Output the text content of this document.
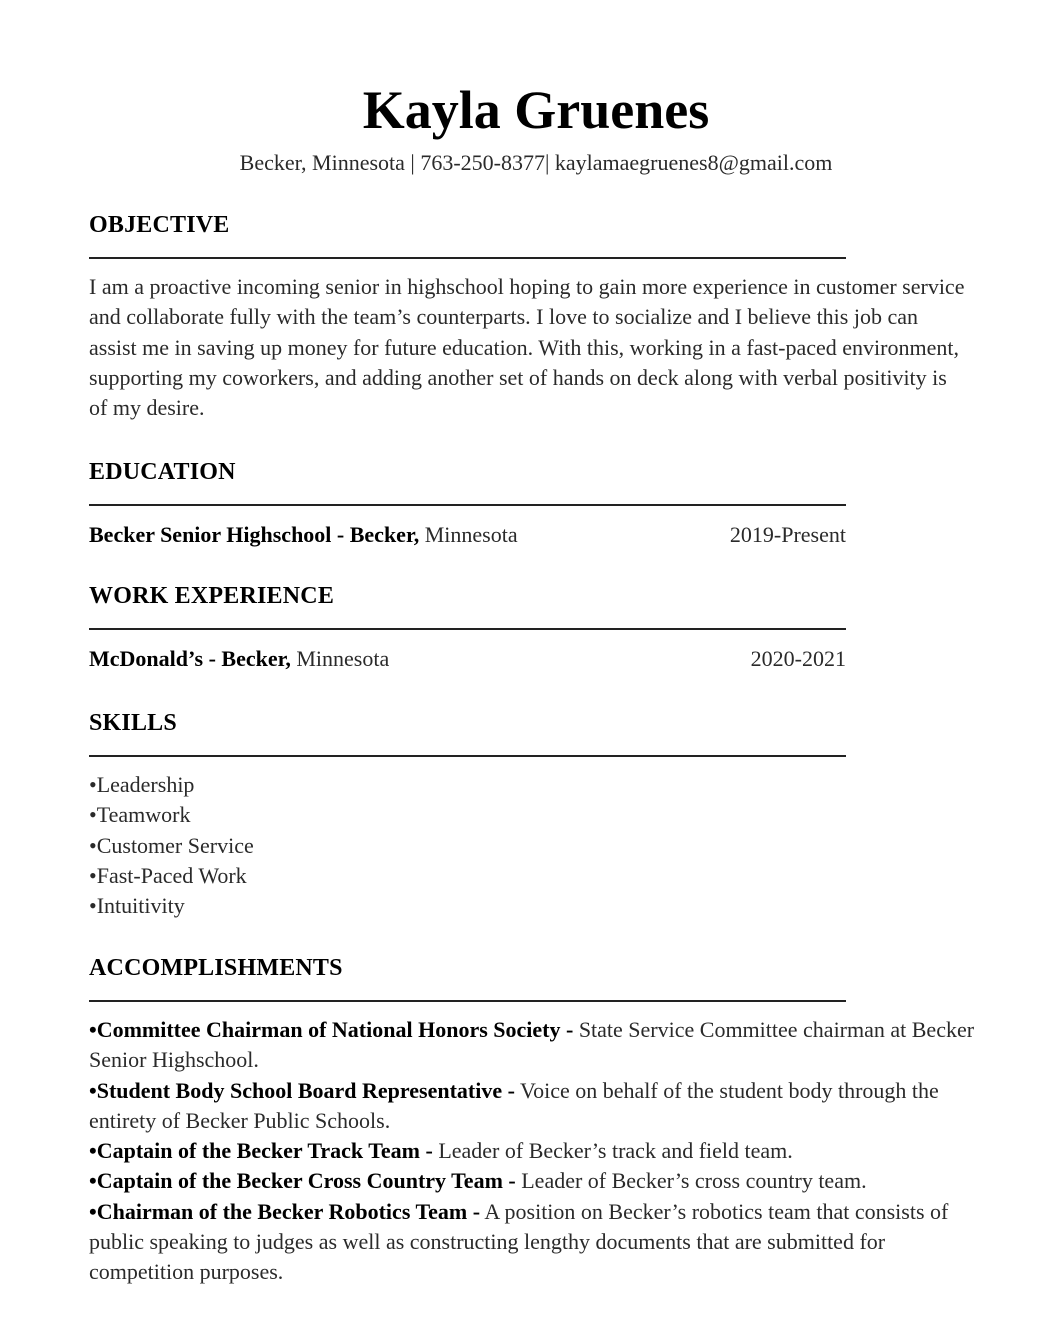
Kayla Gruenes
Becker, Minnesota | 763-250-8377| kaylamaegruenes8@gmail.com
OBJECTIVE
I am a proactive incoming senior in highschool hoping to gain more experience in customer service and collaborate fully with the team’s counterparts. I love to socialize and I believe this job can assist me in saving up money for future education. With this, working in a fast-paced environment, supporting my coworkers, and adding another set of hands on deck along with verbal positivity is of my desire.
EDUCATION
Becker Senior Highschool - Becker, Minnesota	2019-Present
WORK EXPERIENCE
McDonald’s - Becker, Minnesota	2020-2021
SKILLS
•Leadership
•Teamwork
•Customer Service
•Fast-Paced Work
•Intuitivity
ACCOMPLISHMENTS
•Committee Chairman of National Honors Society - State Service Committee chairman at Becker Senior Highschool.
•Student Body School Board Representative - Voice on behalf of the student body through the entirety of Becker Public Schools.
•Captain of the Becker Track Team - Leader of Becker’s track and field team.
•Captain of the Becker Cross Country Team - Leader of Becker’s cross country team.
•Chairman of the Becker Robotics Team - A position on Becker’s robotics team that consists of public speaking to judges as well as constructing lengthy documents that are submitted for competition purposes.
